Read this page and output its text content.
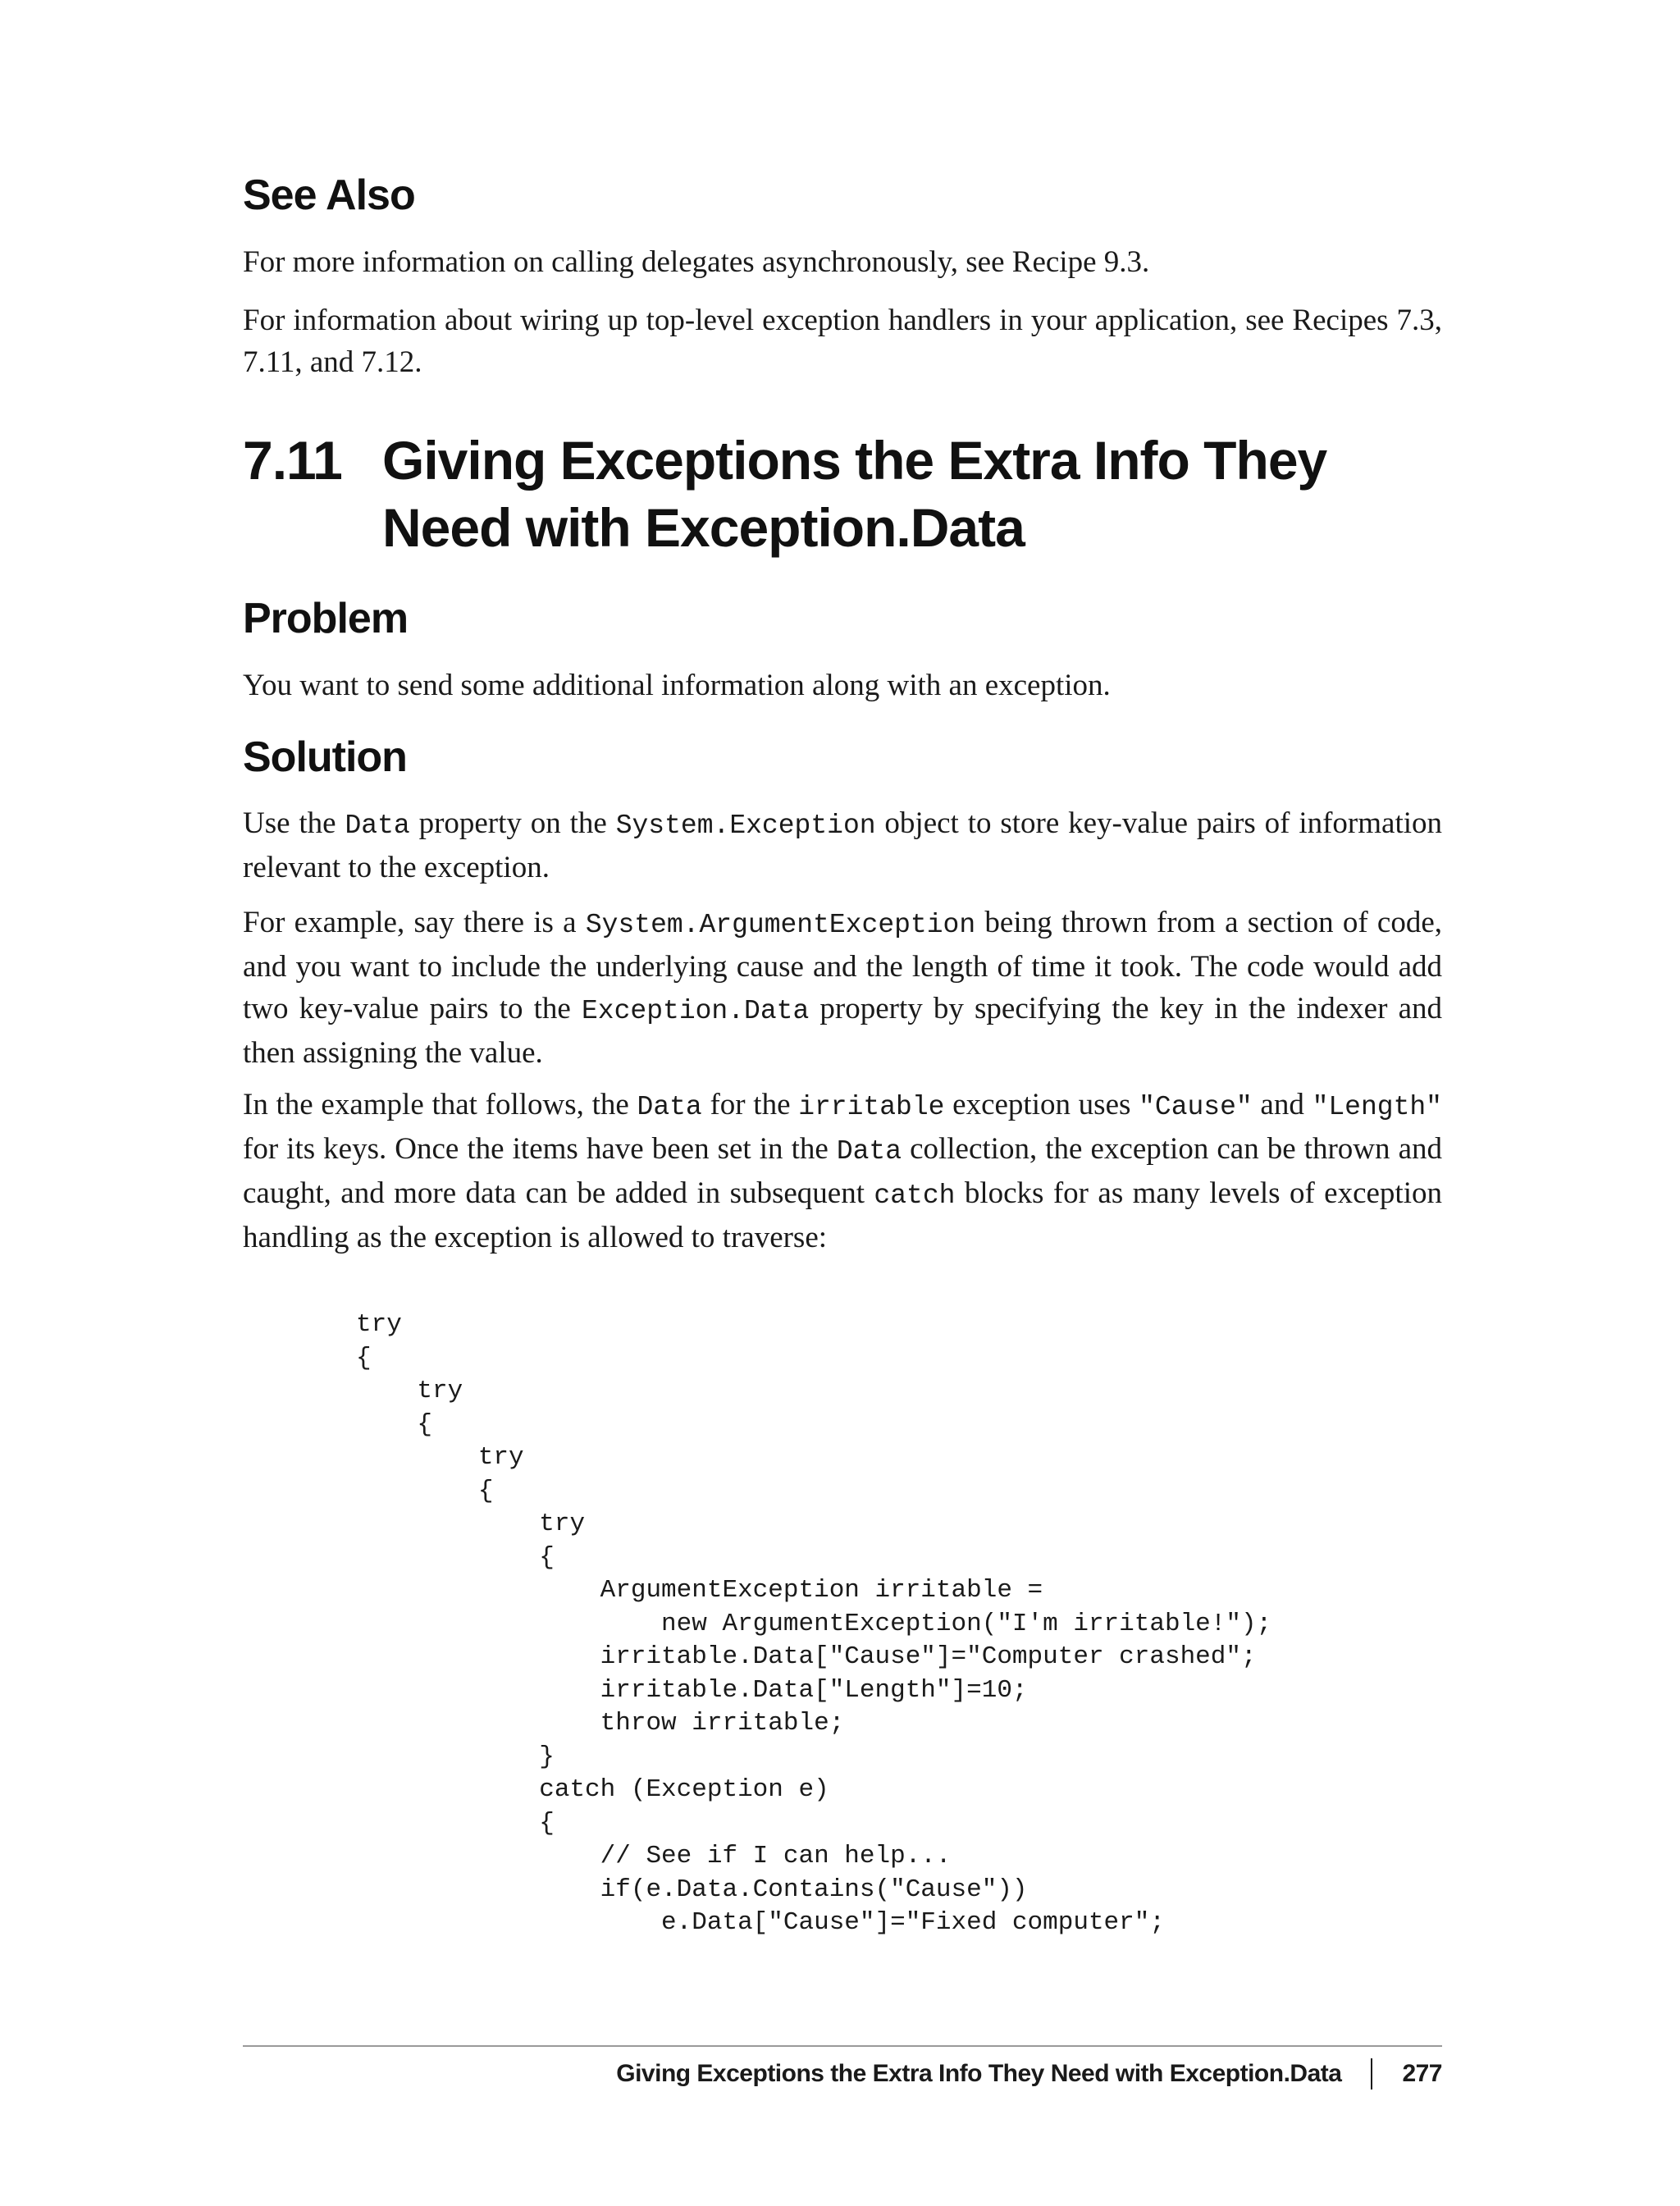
See Also

For more information on calling delegates asynchronously, see Recipe 9.3.

For information about wiring up top-level exception handlers in your application, see Recipes 7.3, 7.11, and 7.12.

7.11 Giving Exceptions the Extra Info They Need with Exception.Data
Problem

You want to send some additional information along with an exception.

Solution

Use the Data property on the System.Exception object to store key-value pairs of information relevant to the exception.

For example, say there is a System.ArgumentException being thrown from a section of code, and you want to include the underlying cause and the length of time it took. The code would add two key-value pairs to the Exception.Data property by specifying the key in the indexer and then assigning the value.

In the example that follows, the Data for the irritable exception uses "Cause" and "Length" for its keys. Once the items have been set in the Data collection, the exception can be thrown and caught, and more data can be added in subsequent catch blocks for as many levels of exception handling as the exception is allowed to traverse:

try
{
try
{
try
{
try
{
ArgumentException irritable =
new ArgumentException("I'm irritable!");
irritable.Data["Cause"]="Computer crashed";
irritable.Data["Length"]=10;
throw irritable;
}
catch (Exception e)
{
// See if I can help...
if(e.Data.Contains("Cause"))
e.Data["Cause"]="Fixed computer";
Giving Exceptions the Extra Info They Need with Exception.Data 277
